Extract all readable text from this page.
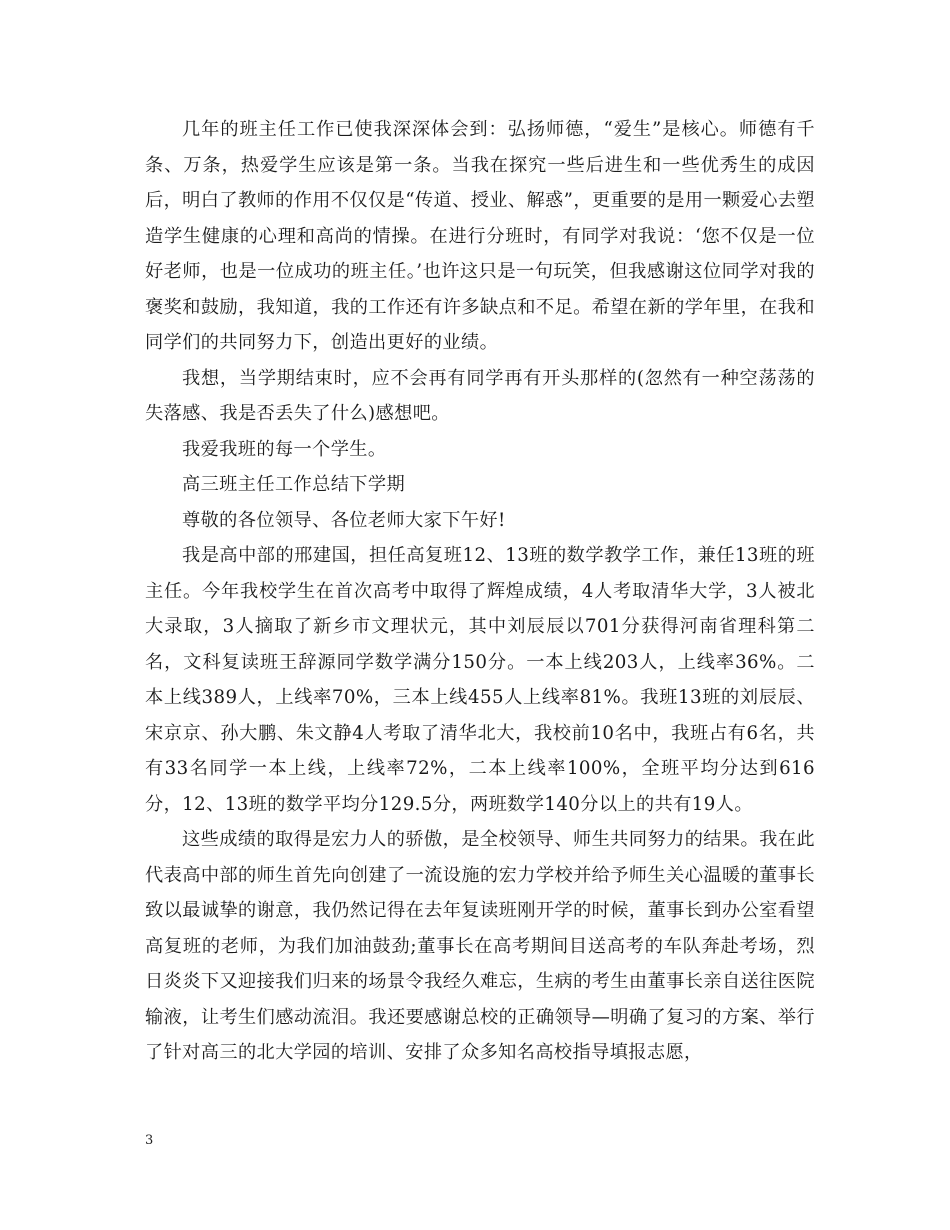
几年的班主任工作已使我深深体会到：弘扬师德，“爱生”是核心。师德有千条、万条，热爱学生应该是第一条。当我在探究一些后进生和一些优秀生的成因后，明白了教师的作用不仅仅是“传道、授业、解惑”，更重要的是用一颗爱心去塑造学生健康的心理和高尚的情操。在进行分班时，有同学对我说：‘您不仅是一位好老师，也是一位成功的班主任。’也许这只是一句玩笑，但我感谢这位同学对我的褒奖和鼓励，我知道，我的工作还有许多缺点和不足。希望在新的学年里，在我和同学们的共同努力下，创造出更好的业绩。

我想，当学期结束时，应不会再有同学再有开头那样的(忽然有一种空荡荡的失落感、我是否丢失了什么)感想吧。

我爱我班的每一个学生。

高三班主任工作总结下学期

尊敬的各位领导、各位老师大家下午好!

我是高中部的邢建国，担任高复班12、13班的数学教学工作，兼任13班的班主任。今年我校学生在首次高考中取得了辉煌成绩，4人考取清华大学，3人被北大录取，3人摘取了新乡市文理状元，其中刘辰辰以701分获得河南省理科第二名，文科复读班王辞源同学数学满分150分。一本上线203人，上线率36%。二本上线389人，上线率70%，三本上线455人上线率81%。我班13班的刘辰辰、宋京京、孙大鹏、朱文静4人考取了清华北大，我校前10名中，我班占有6名，共有33名同学一本上线，上线率72%，二本上线率100%，全班平均分达到616分，12、13班的数学平均分129.5分，两班数学140分以上的共有19人。

这些成绩的取得是宏力人的骄傲，是全校领导、师生共同努力的结果。我在此代表高中部的师生首先向创建了一流设施的宏力学校并给予师生关心温暖的董事长致以最诚挚的谢意，我仍然记得在去年复读班刚开学的时候，董事长到办公室看望高复班的老师，为我们加油鼓劲;董事长在高考期间目送高考的车队奔赴考场，烈日炎炎下又迎接我们归来的场景令我经久难忘，生病的考生由董事长亲自送往医院输液，让考生们感动流泪。我还要感谢总校的正确领导—明确了复习的方案、举行了针对高三的北大学园的培训、安排了众多知名高校指导填报志愿，

3
